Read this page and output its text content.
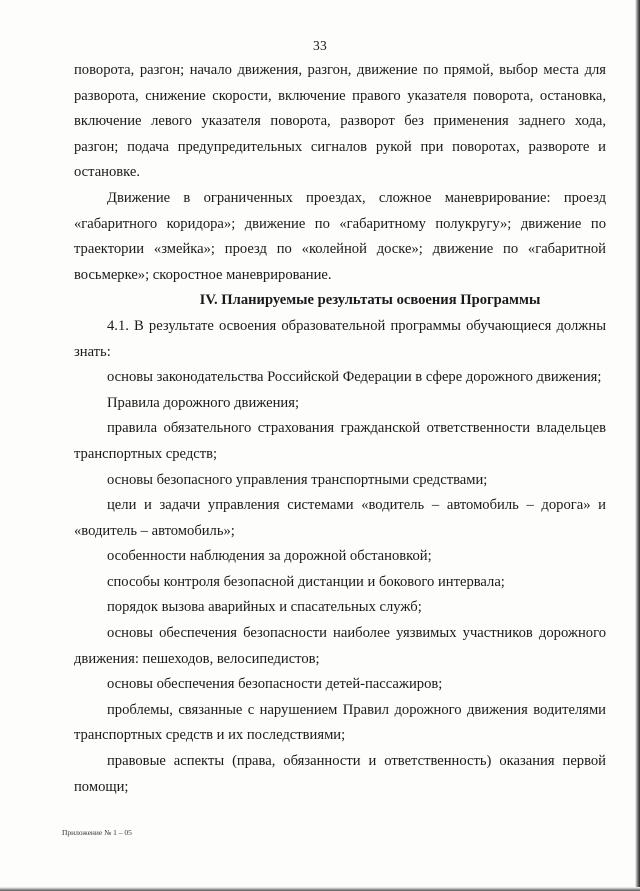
33

поворота, разгон; начало движения, разгон, движение по прямой, выбор места для разворота, снижение скорости, включение правого указателя поворота, остановка, включение левого указателя поворота, разворот без применения заднего хода, разгон; подача предупредительных сигналов рукой при поворотах, развороте и остановке.

Движение в ограниченных проездах, сложное маневрирование: проезд «габаритного коридора»; движение по «габаритному полукругу»; движение по траектории «змейка»; проезд по «колейной доске»; движение по «габаритной восьмерке»; скоростное маневрирование.

IV. Планируемые результаты освоения Программы

4.1. В результате освоения образовательной программы обучающиеся должны знать:

основы законодательства Российской Федерации в сфере дорожного движения;

Правила дорожного движения;

правила обязательного страхования гражданской ответственности владельцев транспортных средств;

основы безопасного управления транспортными средствами;

цели и задачи управления системами «водитель – автомобиль – дорога» и «водитель – автомобиль»;

особенности наблюдения за дорожной обстановкой;

способы контроля безопасной дистанции и бокового интервала;

порядок вызова аварийных и спасательных служб;

основы обеспечения безопасности наиболее уязвимых участников дорожного движения: пешеходов, велосипедистов;

основы обеспечения безопасности детей-пассажиров;

проблемы, связанные с нарушением Правил дорожного движения водителями транспортных средств и их последствиями;

правовые аспекты (права, обязанности и ответственность) оказания первой помощи;

Приложение № 1 – 05
